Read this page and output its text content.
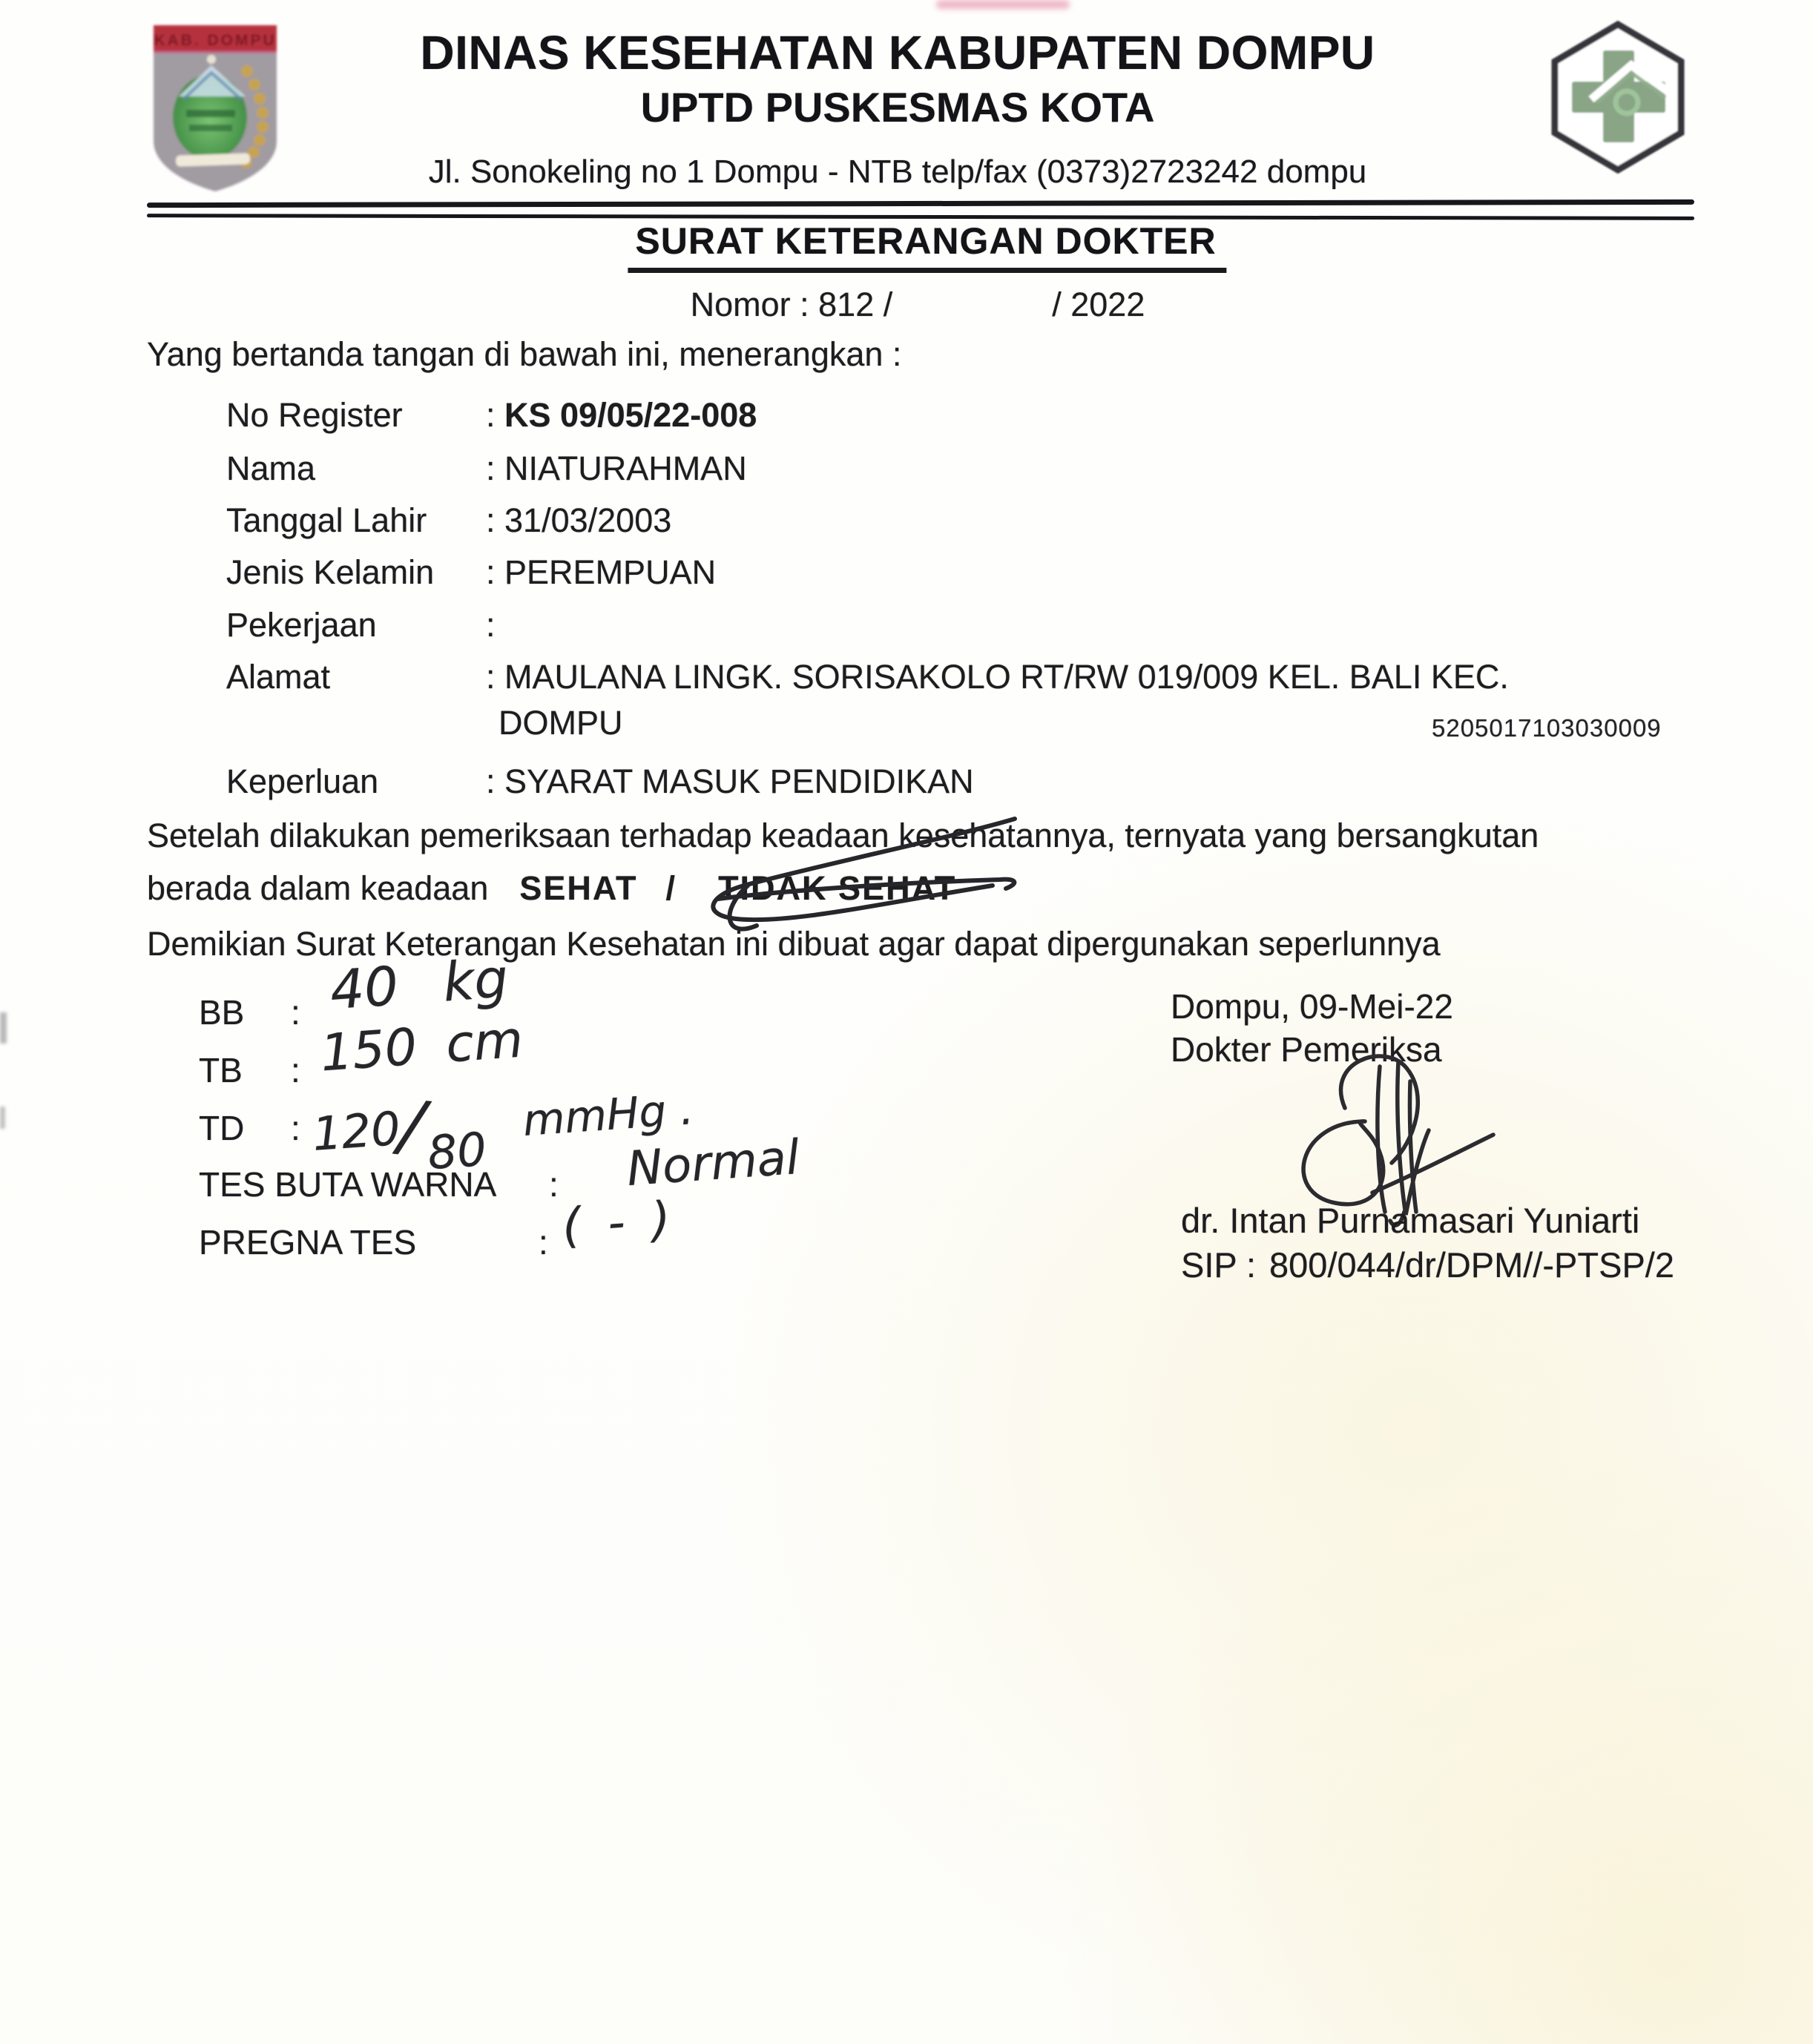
KAB. DOMPU	DINAS KESEHATAN KABUPATEN DOMPU
UPTD PUSKESMAS KOTA
Jl. Sonokeling no 1 Dompu - NTB telp/fax (0373)2723242 dompu
SURAT KETERANGAN DOKTER
Nomor : 812 /	/ 2022
Yang bertanda tangan di bawah ini, menerangkan :
No Register : KS 09/05/22-008
Nama	: NIATURAHMAN
Tanggal Lahir : 31/03/2003
Jenis Kelamin : PEREMPUAN
Pekerjaan	:
Alamat	: MAULANA LINGK. SORISAKOLO RT/RW 019/009 KEL. BALI KEC.
DOMPU	5205017103030009
Keperluan	: SYARAT MASUK PENDIDIKAN
Setelah dilakukan pemeriksaan terhadap keadaan kesehatannya, ternyata yang bersangkutan
berada dalam keadaan SEHAT / TIDAK SEHAT
Demikian Surat Keterangan Kesehatan ini dibuat agar dapat dipergunakan seperlunnya
BB : 40 kg
TB : 150 cm
TD : 120/80mmHg .
TES BUTA WARNA : Normal
PREGNA TES	: ( - )
Dompu, 09-Mei-22
Dokter Pemeriksa
dr. Intan Purnamasari Yuniarti
SIP : 800/044/dr/DPM//-PTSP/2
